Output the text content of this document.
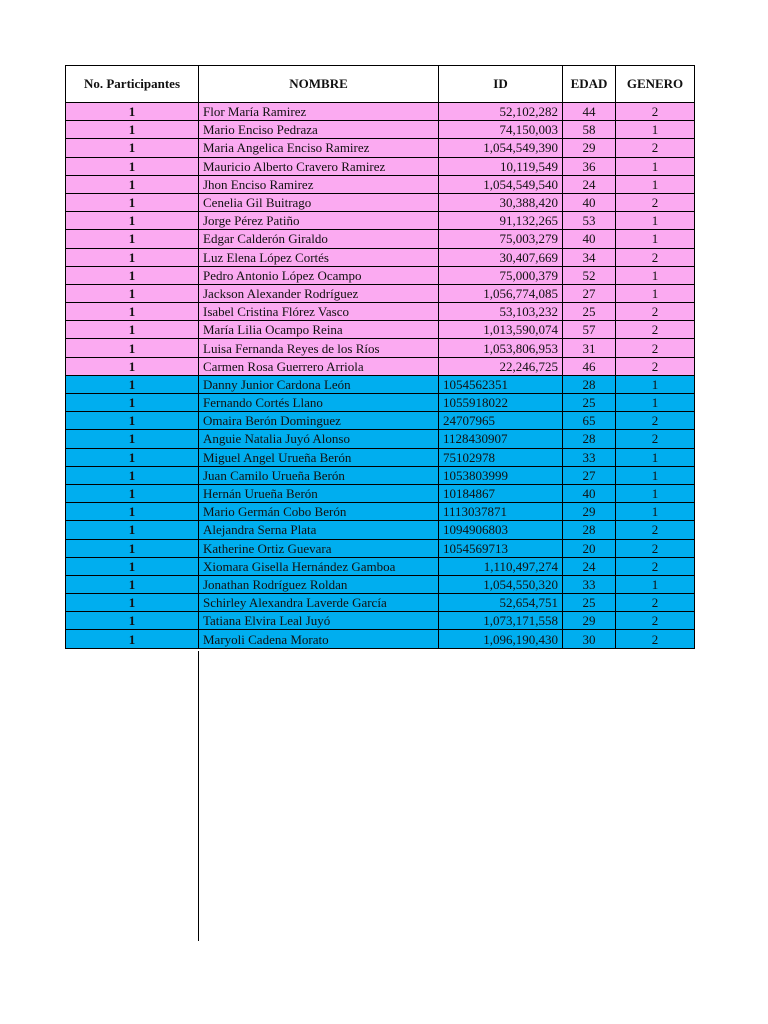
No. Participantes	NOMBRE	ID	EDAD	GENERO
1	Flor María Ramirez	52,102,282	44	2
1	Mario Enciso Pedraza	74,150,003	58	1
1	Maria Angelica Enciso Ramirez	1,054,549,390	29	2
1	Mauricio Alberto Cravero Ramirez	10,119,549	36	1
1	Jhon Enciso Ramirez	1,054,549,540	24	1
1	Cenelia Gil Buitrago	30,388,420	40	2
1	Jorge Pérez Patiño	91,132,265	53	1
1	Edgar Calderón Giraldo	75,003,279	40	1
1	Luz Elena López Cortés	30,407,669	34	2
1	Pedro Antonio López Ocampo	75,000,379	52	1
1	Jackson Alexander Rodríguez	1,056,774,085	27	1
1	Isabel Cristina Flórez Vasco	53,103,232	25	2
1	María Lilia Ocampo Reina	1,013,590,074	57	2
1	Luisa Fernanda Reyes de los Ríos	1,053,806,953	31	2
1	Carmen Rosa Guerrero Arriola	22,246,725	46	2
1	Danny Junior Cardona León	1054562351	28	1
1	Fernando Cortés Llano	1055918022	25	1
1	Omaira Berón Dominguez	24707965	65	2
1	Anguie Natalia Juyó Alonso	1128430907	28	2
1	Miguel Angel Urueña Berón	75102978	33	1
1	Juan Camilo Urueña Berón	1053803999	27	1
1	Hernán Urueña Berón	10184867	40	1
1	Mario Germán Cobo Berón	1113037871	29	1
1	Alejandra Serna Plata	1094906803	28	2
1	Katherine Ortiz Guevara	1054569713	20	2
1	Xiomara Gisella Hernández Gamboa	1,110,497,274	24	2
1	Jonathan Rodríguez Roldan	1,054,550,320	33	1
1	Schirley Alexandra Laverde García	52,654,751	25	2
1	Tatiana Elvira Leal Juyó	1,073,171,558	29	2
1	Maryoli Cadena Morato	1,096,190,430	30	2
